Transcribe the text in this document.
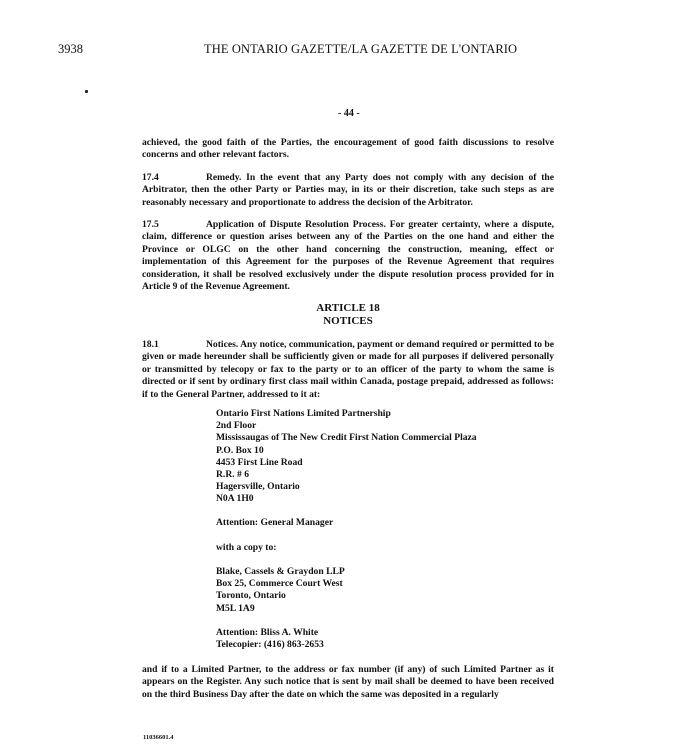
3938	THE ONTARIO GAZETTE/LA GAZETTE DE L'ONTARIO
- 44 -

achieved, the good faith of the Parties, the encouragement of good faith discussions to resolve concerns and other relevant factors.

17.4	Remedy. In the event that any Party does not comply with any decision of the Arbitrator, then the other Party or Parties may, in its or their discretion, take such steps as are reasonably necessary and proportionate to address the decision of the Arbitrator.

17.5	Application of Dispute Resolution Process. For greater certainty, where a dispute, claim, difference or question arises between any of the Parties on the one hand and either the Province or OLGC on the other hand concerning the construction, meaning, effect or implementation of this Agreement for the purposes of the Revenue Agreement that requires consideration, it shall be resolved exclusively under the dispute resolution process provided for in Article 9 of the Revenue Agreement.

ARTICLE 18
NOTICES

18.1	Notices. Any notice, communication, payment or demand required or permitted to be given or made hereunder shall be sufficiently given or made for all purposes if delivered personally or transmitted by telecopy or fax to the party or to an officer of the party to whom the same is directed or if sent by ordinary first class mail within Canada, postage prepaid, addressed as follows: if to the General Partner, addressed to it at:

Ontario First Nations Limited Partnership
2nd Floor
Mississaugas of The New Credit First Nation Commercial Plaza
P.O. Box 10
4453 First Line Road
R.R. # 6
Hagersville, Ontario
N0A 1H0
Attention: General Manager
with a copy to:
Blake, Cassels & Graydon LLP
Box 25, Commerce Court West
Toronto, Ontario
M5L 1A9
Attention: Bliss A. White
Telecopier: (416) 863-2653

and if to a Limited Partner, to the address or fax number (if any) of such Limited Partner as it appears on the Register. Any such notice that is sent by mail shall be deemed to have been received on the third Business Day after the date on which the same was deposited in a regularly

11036601.4
